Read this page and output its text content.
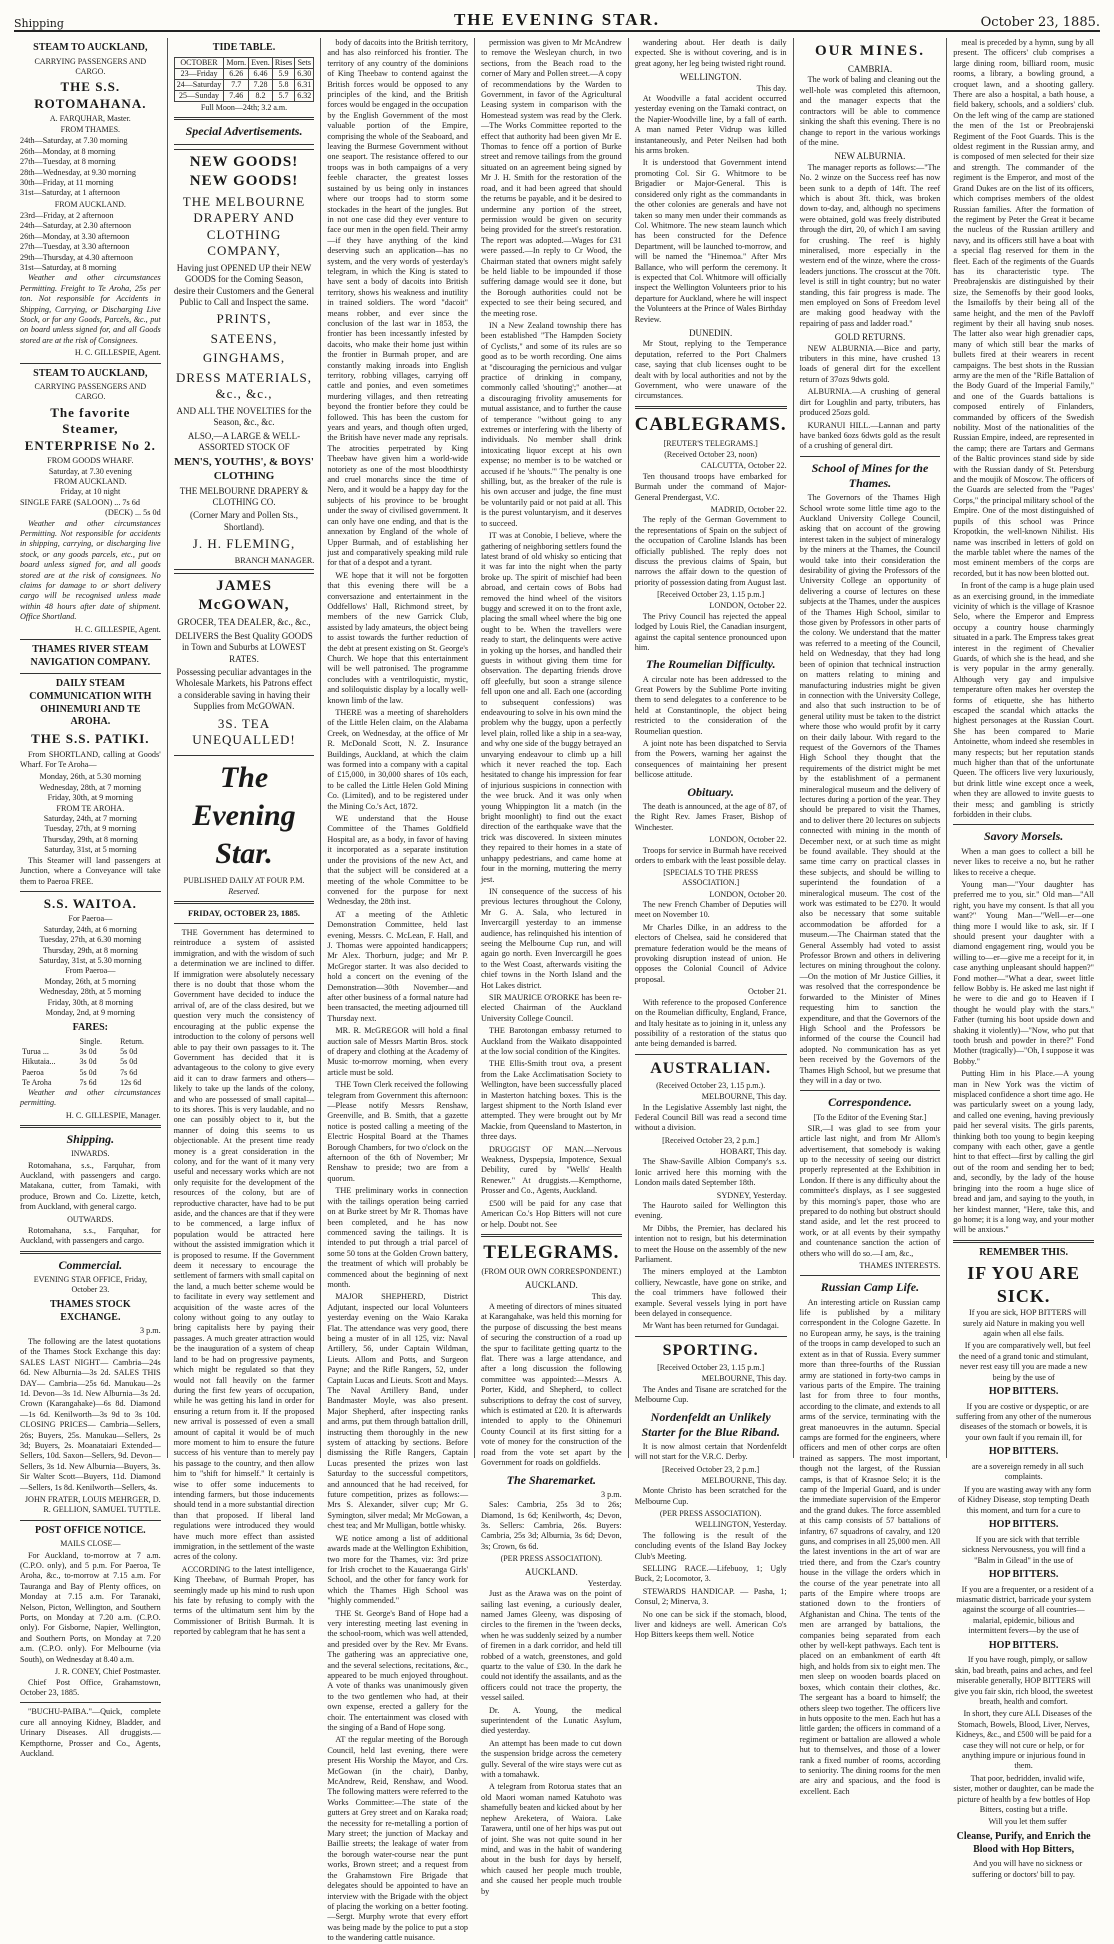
Shipping	THE EVENING STAR.	October 23, 1885.
STEAM TO AUCKLAND,
CARRYING PASSENGERS AND CARGO.
THE S.S. ROTOMAHANA.
A. FARQUHAR, Master.
FROM THAMES.
24th—Saturday, at 7.30 morning
26th—Monday, at 8 morning
27th—Tuesday, at 8 morning
28th—Wednesday, at 9.30 morning
30th—Friday, at 11 morning
31st—Saturday, at 1 afternoon
FROM AUCKLAND.
23rd—Friday, at 2 afternoon
24th—Saturday, at 2.30 afternoon
26th—Monday, at 3.30 afternoon
27th—Tuesday, at 3.30 afternoon
29th—Thursday, at 4.30 afternoon
31st—Saturday, at 8 morning

Weather and other circumstances Permitting. Freight to Te Aroha, 25s per ton. Not responsible for Accidents in Shipping, Carrying, or Discharging Live Stock, or for any Goods, Parcels, &c., put on board unless signed for, and all Goods stored are at the risk of Consignees.

H. C. GILLESPIE, Agent.
STEAM TO AUCKLAND,
CARRYING PASSENGERS AND CARGO.
The favorite Steamer, ENTERPRISE No 2.
FROM GOODS WHARF.
Saturday, at 7.30 evening
FROM AUCKLAND.
Friday, at 10 night
SINGLE FARE (SALOON) ... 7s 6d
(DECK) ... 5s 0d

Weather and other circumstances Permitting. Not responsible for accidents in shipping, carrying, or discharging live stock, or any goods parcels, etc., put on board unless signed for, and all goods stored are at the risk of consignees. No claims for damage to or short delivery cargo will be recognised unless made within 48 hours after date of shipment. Office Shortland.

H. C. GILLESPIE, Agent.
THAMES RIVER STEAM NAVIGATION COMPANY.
DAILY STEAM COMMUNICATION WITH OHINEMURI AND TE AROHA.
THE S.S. PATIKI.

From SHORTLAND, calling at Goods' Wharf. For Te Aroha—

Monday, 26th, at 5.30 morning
Wednesday, 28th, at 7 morning
Friday, 30th, at 9 morning
FROM TE AROHA.
Saturday, 24th, at 7 morning
Tuesday, 27th, at 9 morning
Thursday, 29th, at 8 morning
Saturday, 31st, at 5 morning

This Steamer will land passengers at Junction, where a Conveyance will take them to Paeroa FREE.

S.S. WAITOA.
For Paeroa—
Saturday, 24th, at 6 morning
Tuesday, 27th, at 6.30 morning
Thursday, 29th, at 8 morning
Saturday, 31st, at 5.30 morning
From Paeroa—
Monday, 26th, at 5 morning
Wednesday, 28th, at 5 morning
Friday, 30th, at 8 morning
Monday, 2nd, at 9 morning
FARES:
	Single.	Return.
Turua ...	3s 0d	5s 0d
Hikutaia...	3s 0d	5s 0d
Paeroa	5s 0d	7s 6d
Te Aroha	7s 6d	12s 6d

Weather and other circumstances permitting.

H. C. GILLESPIE, Manager.
Shipping.
INWARDS.

Rotomahana, s.s., Farquhar, from Auckland, with passengers and cargo. Matakana, cutter, from Tamaki, with produce, Brown and Co. Lizette, ketch, from Auckland, with general cargo.

OUTWARDS.

Rotomahana, s.s., Farquhar, for Auckland, with passengers and cargo.

Commercial.
EVENING STAR OFFICE, Friday, October 23.
THAMES STOCK EXCHANGE.
3 p.m.

The following are the latest quotations of the Thames Stock Exchange this day: SALES LAST NIGHT— Cambria—24s 6d. New Alburnia—3s 2d. SALES THIS DAY— Cambria—25s 6d. Manukau—2s 1d. Devon—3s 1d. New Alburnia—3s 2d. Crown (Karangahake)—6s 8d. Diamond—1s 6d. Kenilworth—3s 9d to 3s 10d. CLOSING PRICES— Cambria—Sellers, 26s; Buyers, 25s. Manukau—Sellers, 2s 3d; Buyers, 2s. Moanataiari Extended—Sellers, 10d. Saxon—Sellers, 9d. Devon—Sellers, 3s 1d. New Alburnia—Buyers, 3s. Sir Walter Scott—Buyers, 11d. Diamond—Sellers, 1s 8d. Kenilworth—Sellers, 4s.

JOHN FRATER, LOUIS MEHRGER, D. R. GELLION, SAMUEL TUTTLE.
POST OFFICE NOTICE.
MAILS CLOSE—

For Auckland, to-morrow at 7 a.m. (C.P.O. only), and 5 p.m. For Paeroa, Te Aroha, &c., to-morrow at 7.15 a.m. For Tauranga and Bay of Plenty offices, on Monday at 7.15 a.m. For Taranaki, Nelson, Picton, Wellington, and Southern Ports, on Monday at 7.20 a.m. (C.P.O. only). For Gisborne, Napier, Wellington, and Southern Ports, on Monday at 7.20 a.m. (C.P.O. only). For Melbourne (via South), on Wednesday at 8.40 a.m.

J. R. CONEY, Chief Postmaster.

Chief Post Office, Grahamstown, October 23, 1885.

"BUCHU-PAIBA."—Quick, complete cure all annoying Kidney, Bladder, and Urinary Diseases. All druggists.—Kempthorne, Prosser and Co., Agents, Auckland.

TIDE TABLE.
OCTOBER	Morn.	Even.	Rises	Sets
23—Friday	6.26	6.46	5.9	6.30
24—Saturday	7.7	7.28	5.8	6.31
25—Sunday	7.46	8.2	5.7	6.32
Full Moon—24th; 3.2 a.m.
Special Advertisements.
NEW GOODS!
NEW GOODS!
THE MELBOURNE DRAPERY AND CLOTHING COMPANY,
Having just OPENED UP their NEW GOODS for the Coming Season, desire their Customers and the General Public to Call and Inspect the same.
PRINTS,
SATEENS,
GINGHAMS,
DRESS MATERIALS, &c., &c.,
AND ALL THE NOVELTIES for the Season, &c., &c.
ALSO,—A LARGE & WELL-ASSORTED STOCK OF
MEN'S, YOUTHS', & BOYS' CLOTHING
THE MELBOURNE DRAPERY & CLOTHING CO.
(Corner Mary and Pollen Sts., Shortland).
J. H. FLEMING,
BRANCH MANAGER.
JAMES McGOWAN,
GROCER, TEA DEALER, &c., &c.,
DELIVERS the Best Quality GOODS in Town and Suburbs at LOWEST RATES.
Possessing peculiar advantages in the Wholesale Markets, his Patrons effect a considerable saving in having their Supplies from McGOWAN.
3S. TEA UNEQUALLED!
The Evening Star.
PUBLISHED DAILY AT FOUR P.M.
Reserved.
FRIDAY, OCTOBER 23, 1885.

THE Government has determined to reintroduce a system of assisted immigration, and with the wisdom of such a determination we are inclined to differ. If immigration were absolutely necessary there is no doubt that those whom the Government have decided to induce the arrival of, are of the class desired, but we question very much the consistency of encouraging at the public expense the introduction to the colony of persons well able to pay their own passages to it. The Government has decided that it is advantageous to the colony to give every aid it can to draw farmers and others—likely to take up the lands of the colony, and who are possessed of small capital—to its shores. This is very laudable, and no one can possibly object to it, but the manner of doing this seems to us objectionable. At the present time ready money is a great consideration in the colony, and for the want of it many very useful and necessary works which are not only requisite for the development of the resources of the colony, but are of reproductive character, have had to be put aside, and the chances are that if they were to be commenced, a large influx of population would be attracted here without the assisted immigration which it is proposed to resume. If the Government deem it necessary to encourage the settlement of farmers with small capital on the land, a much better scheme would be to facilitate in every way settlement and acquisition of the waste acres of the colony without going to any outlay to bring capitalists here by paying their passages. A much greater attraction would be the inauguration of a system of cheap land to be had on progressive payments, which might be regulated so that they would not fall heavily on the farmer during the first few years of occupation, while he was getting his land in order for ensuring a return from it. If the proposed new arrival is possessed of even a small amount of capital it would be of much more moment to him to ensure the future success of his venture than to merely pay his passage to the country, and then allow him to "shift for himself." It certainly is wise to offer some inducements to intending farmers, but those inducements should tend in a more substantial direction than that proposed. If liberal land regulations were introduced they would have much more effect than assisted immigration, in the settlement of the waste acres of the colony.

ACCORDING to the latest intelligence, King Theebaw, of Burmah Proper, has seemingly made up his mind to rush upon his fate by refusing to comply with the terms of the ultimatum sent him by the Commissioner of British Burmah. It is reported by cablegram that he has sent a

body of dacoits into the British territory, and has also reinforced his frontier. The territory of any country of the dominions of King Theebaw to contend against the British forces would be opposed to any principles of the kind, and the British forces would be engaged in the occupation by the English Government of the most valuable portion of the Empire, comprising the whole of the Seaboard, and leaving the Burmese Government without one seaport. The resistance offered to our troops was in both campaigns of a very feeble character, the greatest losses sustained by us being only in instances where our troops had to storm some stockades in the heart of the jungles. But in not one case did they ever venture to face our men in the open field. Their army—if they have anything of the kind deserving such an application—has no system, and the very words of yesterday's telegram, in which the King is stated to have sent a body of dacoits into British territory, shows his weakness and inutility in trained soldiers. The word "dacoit" means robber, and ever since the conclusion of the last war in 1853, the frontier has been incessantly infested by dacoits, who make their home just within the frontier in Burmah proper, and are constantly making inroads into English territory, robbing villages, carrying off cattle and ponies, and even sometimes murdering villages, and then retreating beyond the frontier before they could be followed. This has been the custom for years and years, and though often urged, the British have never made any reprisals. The atrocities perpetrated by King Theebaw have given him a world-wide notoriety as one of the most bloodthirsty and cruel monarchs since the time of Nero, and it would be a happy day for the subjects of his province to be brought under the sway of civilised government. It can only have one ending, and that is the annexation by England of the whole of Upper Burmah, and of establishing her just and comparatively speaking mild rule for that of a despot and a tyrant.

WE hope that it will not be forgotten that this evening there will be a conversazione and entertainment in the Oddfellows' Hall, Richmond street, by members of the new Garrick Club, assisted by lady amateurs, the object being to assist towards the further reduction of the debt at present existing on St. George's Church. We hope that this entertainment will be well patronised. The programme concludes with a ventriloquistic, mystic, and soliloquistic display by a locally well-known limb of the law.

THERE was a meeting of shareholders of the Little Helen claim, on the Alabama Creek, on Wednesday, at the office of Mr R. McDonald Scott, N. Z. Insurance Buildings, Auckland, at which the claim was formed into a company with a capital of £15,000, in 30,000 shares of 10s each, to be called the Little Helen Gold Mining Co. (Limited), and to be registered under the Mining Co.'s Act, 1872.

WE understand that the House Committee of the Thames Goldfield Hospital are, as a body, in favor of having it incorporated as a separate institution under the provisions of the new Act, and that the subject will be considered at a meeting of the whole Committee to be convened for the purpose for next Wednesday, the 28th inst.

AT a meeting of the Athletic Demonstration Committee, held last evening, Messrs. C. McLean, F. Hall, and J. Thomas were appointed handicappers; Mr Alex. Thorburn, judge; and Mr P. McGregor starter. It was also decided to hold a concert on the evening of the Demonstration—30th November—and after other business of a formal nature had been transacted, the meeting adjourned till Thursday next.

MR. R. McGREGOR will hold a final auction sale of Messrs Martin Bros. stock of drapery and clothing at the Academy of Music to-morrow morning, when every article must be sold.

THE Town Clerk received the following telegram from Government this afternoon:—Please notify Messrs Renshaw, Greenville, and B. Smith, that a gazette notice is posted calling a meeting of the Electric Hospital Board at the Thames Borough Chambers, for two o'clock on the afternoon of the 6th of November; Mr Renshaw to preside; two are from a quorum.

THE preliminary works in connection with the tailings operation being carried on at Burke street by Mr R. Thomas have been completed, and he has now commenced saving the tailings. It is intended to put through a trial parcel of some 50 tons at the Golden Crown battery, the treatment of which will probably be commenced about the beginning of next month.

MAJOR SHEPHERD, District Adjutant, inspected our local Volunteers yesterday evening on the Waio Karaka Flat. The attendance was very good, there being a muster of in all 125, viz: Naval Artillery, 56, under Captain Wildman, Lieuts. Allom and Potts, and Surgeon Payne; and the Rifle Rangers, 52, under Captain Lucas and Lieuts. Scott and Mays. The Naval Artillery Band, under Bandmaster Moyle, was also present. Major Shepherd, after inspecting ranks and arms, put them through battalion drill, instructing them thoroughly in the new system of attacking by sections. Before dismissing the Rifle Rangers, Captain Lucas presented the prizes won last Saturday to the successful competitors, and announced that he had received, for future competition, prizes as follows:—Mrs S. Alexander, silver cup; Mr G. Symington, silver medal; Mr McGowan, a chest tea; and Mr Mulligan, bottle whisky.

WE notice among a list of additional awards made at the Wellington Exhibition, two more for the Thames, viz: 3rd prize for Irish crochet to the Kauaeranga Girls' School, and the other for fancy work for which the Thames High School was "highly commended."

THE St. George's Band of Hope had a very interesting meeting last evening in the school-room, which was well attended, and presided over by the Rev. Mr Evans. The gathering was an appreciative one, and the several selections, recitations, &c., appeared to be much enjoyed throughout. A vote of thanks was unanimously given to the two gentlemen who had, at their own expense, erected a gallery for the choir. The entertainment was closed with the singing of a Band of Hope song.

AT the regular meeting of the Borough Council, held last evening, there were present His Worship the Mayor, and Crs. McGowan (in the chair), Danby, McAndrew, Reid, Renshaw, and Wood. The following matters were referred to the Works Committee:—The state of the gutters at Grey street and on Karaka road; the necessity for re-metalling a portion of Mary street; the junction of Mackay and Baillie streets; the leakage of water from the borough water-course near the punt works, Brown street; and a request from the Grahamstown Fire Brigade that delegates should be appointed to have an interview with the Brigade with the object of placing the working on a better footing.—Sergt. Murphy wrote that every effort was being made by the police to put a stop to the wandering cattle nuisance.

permission was given to Mr McAndrew to remove the Wesleyan church, in two sections, from the Beach road to the corner of Mary and Pollen street.—A copy of recommendations by the Warden to Government, in favor of the Agricultural Leasing system in comparison with the Homestead system was read by the Clerk.—The Works Committee reported to the effect that authority had been given Mr E. Thomas to fence off a portion of Burke street and remove tailings from the ground situated on an agreement being signed by Mr J. H. Smith for the restoration of the road, and it had been agreed that should the returns be payable, and it be desired to undermine any portion of the street, permission would be given on security being provided for the street's restoration. The report was adopted.—Wages for £31 were passed.—In reply to Cr Wood, the Chairman stated that owners might safely be held liable to be impounded if those suffering damage would see it done, but the Borough authorities could not be expected to see their being secured, and the meeting rose.

IN a New Zealand township there has been established "The Hampden Society of Cyclists," and some of its rules are so good as to be worth recording. One aims at "discouraging the pernicious and vulgar practice of drinking in company, commonly called 'shouting';" another—at a discouraging frivolity amusements for mutual assistance, and to further the cause of temperance "without going to any extremes or interfering with the liberty of individuals. No member shall drink intoxicating liquor except at his own expense; no member is to be watched or accused if he 'shouts.'" The penalty is one shilling, but, as the breaker of the rule is his own accuser and judge, the fine must be voluntarily paid or not paid at all. This is the purest voluntaryism, and it deserves to succeed.

IT was at Conobie, I believe, where the gathering of neighboring settlers found the latest brand of old whisky so enticing that it was far into the night when the party broke up. The spirit of mischief had been abroad, and certain cows of Bobs had removed the hind wheel of the visitors buggy and screwed it on to the front axle, placing the small wheel where the big one ought to be. When the travellers were ready to start, the delinquents were active in yoking up the horses, and handled their guests in without giving them time for observation. The departing friends drove off gleefully, but soon a strange silence fell upon one and all. Each one (according to subsequent confessions) was endeavouring to solve in his own mind the problem why the buggy, upon a perfectly level plain, rolled like a ship in a sea-way, and why one side of the buggy betrayed an unvarying endeavour to climb up a hill which it never reached the top. Each hesitated to change his impression for fear of injurious suspicions in connection with the wee bruck. And it was only when young Whippington lit a match (in the bright moonlight) to find out the exact direction of the earthquake wave that the trick was discovered. In sixteen minutes they repaired to their homes in a state of unhappy pedestrians, and came home at four in the morning, muttering the merry jest.

IN consequence of the success of his previous lectures throughout the Colony, Mr G. A. Sala, who lectured in Invercargill yesterday to an immense audience, has relinquished his intention of seeing the Melbourne Cup run, and will again go north. Even Invercargill he goes to the West Coast, afterwards visiting the chief towns in the North Island and the Hot Lakes district.

SIR MAURICE O'RORKE has been re-elected Chairman of the Auckland University College Council.

THE Barotongan embassy returned to Auckland from the Waikato disappointed at the low social condition of the Kingites.

THE Ellis-Smith trout ova, a present from the Lake Acclimatisation Society to Wellington, have been successfully placed in Masterton hatching boxes. This is the largest shipment to the North Island ever attempted. They were brought out by Mr Mackie, from Queensland to Masterton, in three days.

DRUGGIST OF MAN.—Nervous Weakness, Dyspepsia, Impotence, Sexual Debility, cured by "Wells' Health Renewer." At druggists.—Kempthorne, Prosser and Co., Agents, Auckland.

£500 will be paid for any case that American Co.'s Hop Bitters will not cure or help. Doubt not. See

TELEGRAMS.
(FROM OUR OWN CORRESPONDENT.)
AUCKLAND.
This day.

A meeting of directors of mines situated at Karangahake, was held this morning for the purpose of discussing the best means of securing the construction of a road up the spur to facilitate getting quartz to the flat. There was a large attendance, and after a long discussion the following committee was appointed:—Messrs A. Porter, Kidd, and Shepherd, to collect subscriptions to defray the cost of survey, which is estimated at £20. It is afterwards intended to apply to the Ohinemuri County Council at its first sitting for a vote of money for the construction of the road from the vote set apart by the Government for roads on goldfields.

The Sharemarket.
3 p.m.

Sales: Cambria, 25s 3d to 26s; Diamond, 1s 6d; Kenilworth, 4s; Devon, 3s. Sellers: Cambria, 26s. Buyers: Cambria, 25s 3d; Alburnia, 3s 6d; Devon, 3s; Crown, 6s 6d.

(PER PRESS ASSOCIATION).
AUCKLAND.
Yesterday.

Just as the Arawa was on the point of sailing last evening, a curiously dealer, named James Gleeny, was disposing of circles to the firemen in the 'tween decks, when he was suddenly seized by a number of firemen in a dark corridor, and held till robbed of a watch, greenstones, and gold quartz to the value of £30. In the dark he could not identify the assailants, and as the officers could not trace the property, the vessel sailed.

Dr. A. Young, the medical superintendent of the Lunatic Asylum, died yesterday.

An attempt has been made to cut down the suspension bridge across the cemetery gully. Several of the wire stays were cut as with a tomahawk.

A telegram from Rotorua states that an old Maori woman named Katuhoto was shamefully beaten and kicked about by her nephew Areketera, of Waiora. Lake Tarawera, until one of her hips was put out of joint. She was not quite sound in her mind, and was in the habit of wandering about in the bush for days by herself, which caused her people much trouble, and she caused her people much trouble by

wandering about. Her death is daily expected. She is without covering, and is in great agony, her leg being twisted right round.

WELLINGTON.
This day.

At Woodville a fatal accident occurred yesterday evening on the Tamaki contract, on the Napier-Woodville line, by a fall of earth. A man named Peter Vidrup was killed instantaneously, and Peter Neilsen had both his arms broken.

It is understood that Government intend promoting Col. Sir G. Whitmore to be Brigadier or Major-General. This is considered only right as the commandants in the other colonies are generals and have not taken so many men under their commands as Col. Whitmore. The new steam launch which has been constructed for the Defence Department, will be launched to-morrow, and will be named the "Hinemoa." After Mrs Ballance, who will perform the ceremony. It is expected that Col. Whitmore will officially inspect the Wellington Volunteers prior to his departure for Auckland, where he will inspect the Volunteers at the Prince of Wales Birthday Review.

DUNEDIN.

Mr Stout, replying to the Temperance deputation, referred to the Port Chalmers case, saying that club licenses ought to be dealt with by local authorities and not by the Government, who were unaware of the circumstances.

CABLEGRAMS.
[REUTER'S TELEGRAMS.]
(Received October 23, noon)
CALCUTTA, October 22.

Ten thousand troops have embarked for Burmah under the command of Major-General Prendergast, V.C.

MADRID, October 22.

The reply of the German Government to the representations of Spain on the subject of the occupation of Caroline Islands has been officially published. The reply does not discuss the previous claims of Spain, but narrows the affair down to the question of priority of possession dating from August last.

[Received October 23, 1.15 p.m.]
LONDON, October 22.

The Privy Council has rejected the appeal lodged by Louis Riel, the Canadian insurgent, against the capital sentence pronounced upon him.

The Roumelian Difficulty.

A circular note has been addressed to the Great Powers by the Sublime Porte inviting them to send delegates to a conference to be held at Constantinople, the object being restricted to the consideration of the Roumelian question.

A joint note has been dispatched to Servia from the Powers, warning her against the consequences of maintaining her present bellicose attitude.

Obituary.

The death is announced, at the age of 87, of the Right Rev. James Fraser, Bishop of Winchester.

LONDON, October 22.

Troops for service in Burmah have received orders to embark with the least possible delay.

[SPECIALS TO THE PRESS ASSOCIATION.]
LONDON, October 20.

The new French Chamber of Deputies will meet on November 10.

Mr Charles Dilke, in an address to the electors of Chelsea, said he considered that premature federation would be the means of provoking disruption instead of union. He opposes the Colonial Council of Advice proposal.

October 21.

With reference to the proposed Conference on the Roumelian difficulty, England, France, and Italy hesitate as to joining in it, unless any possibility of a restoration of the status quo ante being demanded is barred.

AUSTRALIAN.
(Received October 23, 1.15 p.m.).
MELBOURNE, This day.

In the Legislative Assembly last night, the Federal Council Bill was read a second time without a division.

[Received October 23, 2 p.m.]
HOBART, This day.

The Shaw-Saville Albion Company's s.s. Ionic arrived here this morning with the London mails dated September 18th.

SYDNEY, Yesterday.

The Hauroto sailed for Wellington this evening.

Mr Dibbs, the Premier, has declared his intention not to resign, but his determination to meet the House on the assembly of the new Parliament.

The miners employed at the Lambton colliery, Newcastle, have gone on strike, and the coal trimmers have followed their example. Several vessels lying in port have been delayed in consequence.

Mr Want has been returned for Gundagai.

SPORTING.
[Received October 23, 1.15 p.m.]
MELBOURNE, This day.

The Andes and Tisane are scratched for the Melbourne Cup.

Nordenfeldt an Unlikely Starter for the Blue Riband.

It is now almost certain that Nordenfeldt will not start for the V.R.C. Derby.

[Received October 23, 2 p.m.]
MELBOURNE, This day.

Monte Christo has been scratched for the Melbourne Cup.

(PER PRESS ASSOCIATION).
WELLINGTON, Yesterday.

The following is the result of the concluding events of the Island Bay Jockey Club's Meeting.

SELLING RACE.—Lifebuoy, 1; Ugly Buck, 2; Locomotor, 3.

STEWARDS HANDICAP. — Pasha, 1; Consul, 2; Minerva, 3.

No one can be sick if the stomach, blood, liver and kidneys are well. American Co's Hop Bitters keeps them well. Notice

OUR MINES.
CAMBRIA.

The work of baling and cleaning out the well-hole was completed this afternoon, and the manager expects that the contractors will be able to commence sinking the shaft this evening. There is no change to report in the various workings of the mine.

NEW ALBURNIA.

The manager reports as follows:—"The No. 2 winze on the Success reef has now been sunk to a depth of 14ft. The reef which is about 3ft. thick, was broken down to-day, and, although no specimens were obtained, gold was freely distributed through the dirt, 20, of which I am saving for crushing. The reef is highly mineralised, more especially in the western end of the winze, where the cross-leaders junctions. The crosscut at the 70ft. level is still in tight country; but no water standing, this fair progress is made. The men employed on Sons of Freedom level are making good headway with the repairing of pass and ladder road."

GOLD RETURNS.

NEW ALBURNIA.—Bice and party, tributers in this mine, have crushed 13 loads of general dirt for the excellent return of 37ozs 9dwts gold.

ALBURNIA.—A crushing of general dirt for Loughlin and party, tributers, has produced 25ozs gold.

KURANUI HILL.—Lannan and party have banked 6ozs 6dwts gold as the result of a crushing of general dirt.

School of Mines for the Thames.

The Governors of the Thames High School wrote some little time ago to the Auckland University College Council, asking that on account of the growing interest taken in the subject of mineralogy by the miners at the Thames, the Council would take into their consideration the desirability of giving the Professors of the University College an opportunity of delivering a course of lectures on these subjects at the Thames, under the auspices of the Thames High School, similar to those given by Professors in other parts of the colony. We understand that the matter was referred to a meeting of the Council, held on Wednesday, that they had long been of opinion that technical instruction on matters relating to mining and manufacturing industries might be given in connection with the University College, and also that such instruction to be of general utility must be taken to the district where those who would profit by it carry on their daily labour. With regard to the request of the Governors of the Thames High School they thought that the requirements of the district might be met by the establishment of a permanent mineralogical museum and the delivery of lectures during a portion of the year. They should be prepared to visit the Thames, and to deliver there 20 lectures on subjects connected with mining in the month of December next, or at such time as might be found available. They should at the same time carry on practical classes in these subjects, and should be willing to superintend the foundation of a mineralogical museum. The cost of the work was estimated to be £270. It would also be necessary that some suitable accommodation be afforded for a museum.—The Chairman stated that the General Assembly had voted to assist Professor Brown and others in delivering lectures on mining throughout the colony.—On the motion of Mr Justice Gillies, it was resolved that the correspondence be forwarded to the Minister of Mines requesting him to sanction the expenditure, and that the Governors of the High School and the Professors be informed of the course the Council had adopted. No communication has as yet been received by the Governors of the Thames High School, but we presume that they will in a day or two.

Correspondence.
[To the Editor of the Evening Star.]

SIR,—I was glad to see from your article last night, and from Mr Allom's advertisement, that somebody is waking up to the necessity of seeing our district properly represented at the Exhibition in London. If there is any difficulty about the committee's displays, as I see suggested by this morning's paper, those who are prepared to do nothing but obstruct should stand aside, and let the rest proceed to work, or at all events by their sympathy and countenance sanction the action of others who will do so.—I am, &c.,

THAMES INTERESTS.
Russian Camp Life.

An interesting article on Russian camp life is published by a military correspondent in the Cologne Gazette. In no European army, he says, is the training of the troops in camp developed to such an extent as in that of Russia. Every summer more than three-fourths of the Russian army are stationed in forty-two camps in various parts of the Empire. The training last for from three to four months, according to the climate, and extends to all arms of the service, terminating with the great manoeuvres in the autumn. Special camps are formed for the engineers, where officers and men of other corps are often trained as sappers. The most important, though not the largest, of the Russian camps, is that of Krasnoe Selo; it is the camp of the Imperial Guard, and is under the immediate supervision of the Emperor and the grand dukes. The force assembled at this camp consists of 57 battalions of infantry, 67 squadrons of cavalry, and 120 guns, and comprises in all 25,000 men. All the latest inventions in the art of war are tried there, and from the Czar's country house in the village the orders which in the course of the year penetrate into all parts of the Empire where troops are stationed down to the frontiers of Afghanistan and China. The tents of the men are arranged by battalions, the companies being separated from each other by well-kept pathways. Each tent is placed on an embankment of earth 4ft high, and holds from six to eight men. The men sleep on wooden boards placed on boxes, which contain their clothes, &c. The sergeant has a board to himself; the others sleep two together. The officers live in huts opposite to the men. Each hut has a little garden; the officers in command of a regiment or battalion are allowed a whole hut to themselves, and those of a lower rank a fixed number of rooms, according to seniority. The dining rooms for the men are airy and spacious, and the food is excellent. Each

meal is preceded by a hymn, sung by all present. The officers' club comprises a large dining room, billiard room, music rooms, a library, a bowling ground, a croquet lawn, and a shooting gallery. There are also a hospital, a bath house, a field bakery, schools, and a soldiers' club. On the left wing of the camp are stationed the men of the 1st or Preobrajenski Regiment of the Foot Guards. This is the oldest regiment in the Russian army, and is composed of men selected for their size and strength. The commander of the regiment is the Emperor, and most of the Grand Dukes are on the list of its officers, which comprises members of the oldest Russian families. After the formation of the regiment by Peter the Great it became the nucleus of the Russian artillery and navy, and its officers still have a boat with a special flag reserved for them in the fleet. Each of the regiments of the Guards has its characteristic type. The Preobrajenskis are distinguished by their size, the Semenoffs by their good looks, the Ismailoffs by their being all of the same height, and the men of the Pavloff regiment by their all having snub noses. The latter also wear high grenadier caps, many of which still bear the marks of bullets fired at their wearers in recent campaigns. The best shots in the Russian army are the men of the "Rifle Battalion of the Body Guard of the Imperial Family," and one of the Guards battalions is composed entirely of Finlanders, commanded by officers of the Swedish nobility. Most of the nationalities of the Russian Empire, indeed, are represented in the camp; there are Tartars and Germans of the Baltic provinces stand side by side with the Russian dandy of St. Petersburg and the moujik of Moscow. The officers of the Guards are selected from the "Pages' Corps," the principal military school of the Empire. One of the most distinguished of pupils of this school was Prince Kropotkin, the well-known Nihilist. His name was inscribed in letters of gold on the marble tablet where the names of the most eminent members of the corps are recorded, but it has now been blotted out.

In front of the camp is a huge plain used as an exercising ground, in the immediate vicinity of which is the village of Krasnoe Selo, where the Emperor and Empress occupy a country house charmingly situated in a park. The Empress takes great interest in the regiment of Chevalier Guards, of which she is the head, and she is very popular in the army generally. Although very gay and impulsive temperature often makes her overstep the forms of etiquette, she has hitherto escaped the scandal which attacks the highest personages at the Russian Court. She has been compared to Marie Antoinette, whom indeed she resembles in many respects; but her reputation stands much higher than that of the unfortunate Queen. The officers live very luxuriously, but drink little wine except once a week, when they are allowed to invite guests to their mess; and gambling is strictly forbidden in their clubs.

Savory Morsels.

When a man goes to collect a bill he never likes to receive a no, but he rather likes to receive a cheque.

Young man—"Your daughter has preferred me to you, sir." Old man—"All right, you have my consent. Is that all you want?" Young Man—"Well—er—one thing more I would like to ask, sir. If I should present your daughter with a diamond engagement ring, would you be willing to—er—give me a receipt for it, in case anything unpleasant should happen?" Fond mother—"What a dear, sweet little fellow Bobby is. He asked me last night if he were to die and go to Heaven if I thought he would play with the stars." Father (turning his boot upside down and shaking it violently)—"Now, who put that tooth brush and powder in there?" Fond Mother (tragically)—"Oh, I suppose it was Bobby."

Putting Him in his Place.—A young man in New York was the victim of misplaced confidence a short time ago. He was particularly sweet on a young lady, and called one evening, having previously paid her several visits. The girls parents, thinking both too young to begin keeping company with each other, gave a gentle hint to that effect—first by calling the girl out of the room and sending her to bed; and, secondly, by the lady of the house bringing into the room a huge slice of bread and jam, and saying to the youth, in her kindest manner, "Here, take this, and go home; it is a long way, and your mother will be anxious."

REMEMBER THIS.
IF YOU ARE SICK.

If you are sick, HOP BITTERS will surely aid Nature in making you well again when all else fails.

If you are comparatively well, but feel the need of a grand tonic and stimulant, never rest easy till you are made a new being by the use of

HOP BITTERS.

If you are costive or dyspeptic, or are suffering from any other of the numerous diseases of the stomach or bowels, it is your own fault if you remain ill, for

HOP BITTERS.

are a sovereign remedy in all such complaints.

If you are wasting away with any form of Kidney Disease, stop tempting Death this moment, and turn for a cure to

HOP BITTERS.

If you are sick with that terrible sickness Nervousness, you will find a "Balm in Gilead" in the use of

HOP BITTERS.

If you are a frequenter, or a resident of a miasmatic district, barricade your system against the scourge of all countries—malarial, epidemic, bilious and intermittent fevers—by the use of

HOP BITTERS.

If you have rough, pimply, or sallow skin, bad breath, pains and aches, and feel miserable generally, HOP BITTERS will give you fair skin, rich blood, the sweetest breath, health and comfort.

In short, they cure ALL Diseases of the Stomach, Bowels, Blood, Liver, Nerves, Kidneys, &c., and £500 will be paid for a case they will not cure or help, or for anything impure or injurious found in them.

That poor, bedridden, invalid wife, sister, mother or daughter, can be made the picture of health by a few bottles of Hop Bitters, costing but a trifle.

Will you let them suffer

Cleanse, Purify, and Enrich the Blood with Hop Bitters,

And you will have no sickness or suffering or doctors' bill to pay.
